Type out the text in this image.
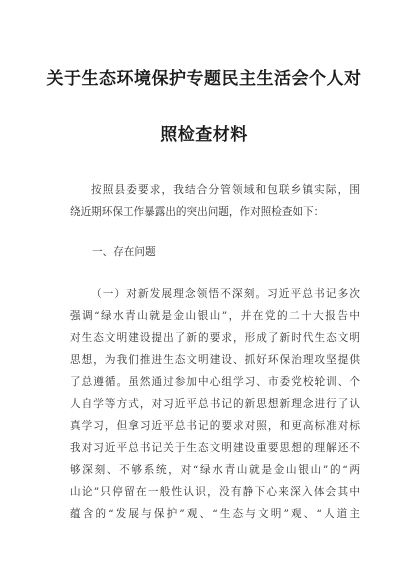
关于生态环境保护专题民主生活会个人对
照检查材料
按照县委要求，我结合分管领域和包联乡镇实际，围
绕近期环保工作暴露出的突出问题，作对照检查如下：
一、存在问题
（一）对新发展理念领悟不深刻。习近平总书记多次
强调“绿水青山就是金山银山”，并在党的二十大报告中
对生态文明建设提出了新的要求，形成了新时代生态文明
思想，为我们推进生态文明建设、抓好环保治理攻坚提供
了总遵循。虽然通过参加中心组学习、市委党校轮训、个
人自学等方式，对习近平总书记的新思想新理念进行了认
真学习，但拿习近平总书记的要求对照，和更高标准对标
我对习近平总书记关于生态文明建设重要思想的理解还不
够深刻、不够系统，对“绿水青山就是金山银山”的“两
山论”只停留在一般性认识，没有静下心来深入体会其中
蕴含的“发展与保护”观、“生态与文明”观、“人道主
